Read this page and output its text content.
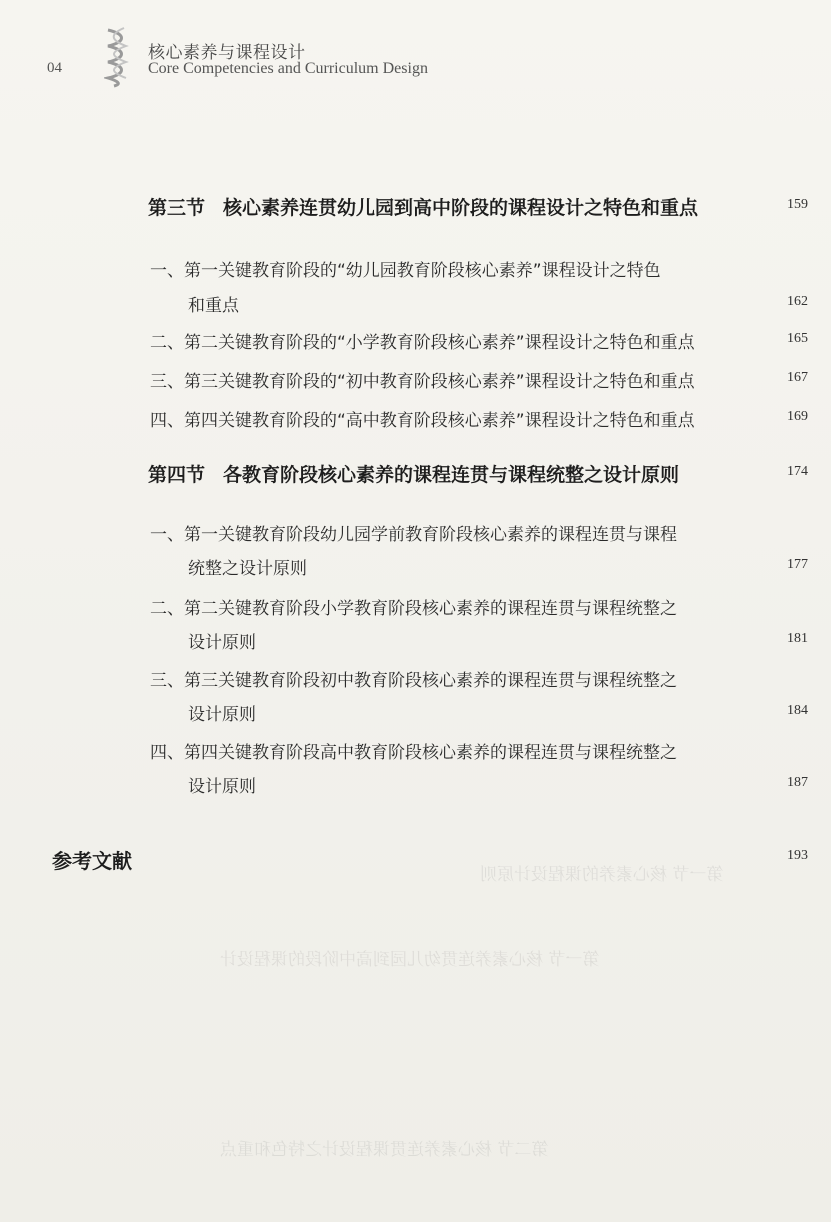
04
核心素养与课程设计
Core Competencies and Curriculum Design
第一节 核心素养的课程设计原则
第一节 核心素养连贯幼儿园到高中阶段的课程设计
第二节 核心素养连贯课程设计之特色和重点
第三节 核心素养连贯幼儿园到高中阶段的课程设计之特色和重点	159
一、第一关键教育阶段的“幼儿园教育阶段核心素养”课程设计之特色
和重点	162
二、第二关键教育阶段的“小学教育阶段核心素养”课程设计之特色和重点	165
三、第三关键教育阶段的“初中教育阶段核心素养”课程设计之特色和重点	167
四、第四关键教育阶段的“高中教育阶段核心素养”课程设计之特色和重点	169
第四节 各教育阶段核心素养的课程连贯与课程统整之设计原则	174
一、第一关键教育阶段幼儿园学前教育阶段核心素养的课程连贯与课程
统整之设计原则	177
二、第二关键教育阶段小学教育阶段核心素养的课程连贯与课程统整之
设计原则	181
三、第三关键教育阶段初中教育阶段核心素养的课程连贯与课程统整之
设计原则	184
四、第四关键教育阶段高中教育阶段核心素养的课程连贯与课程统整之
设计原则	187
参考文献	193
